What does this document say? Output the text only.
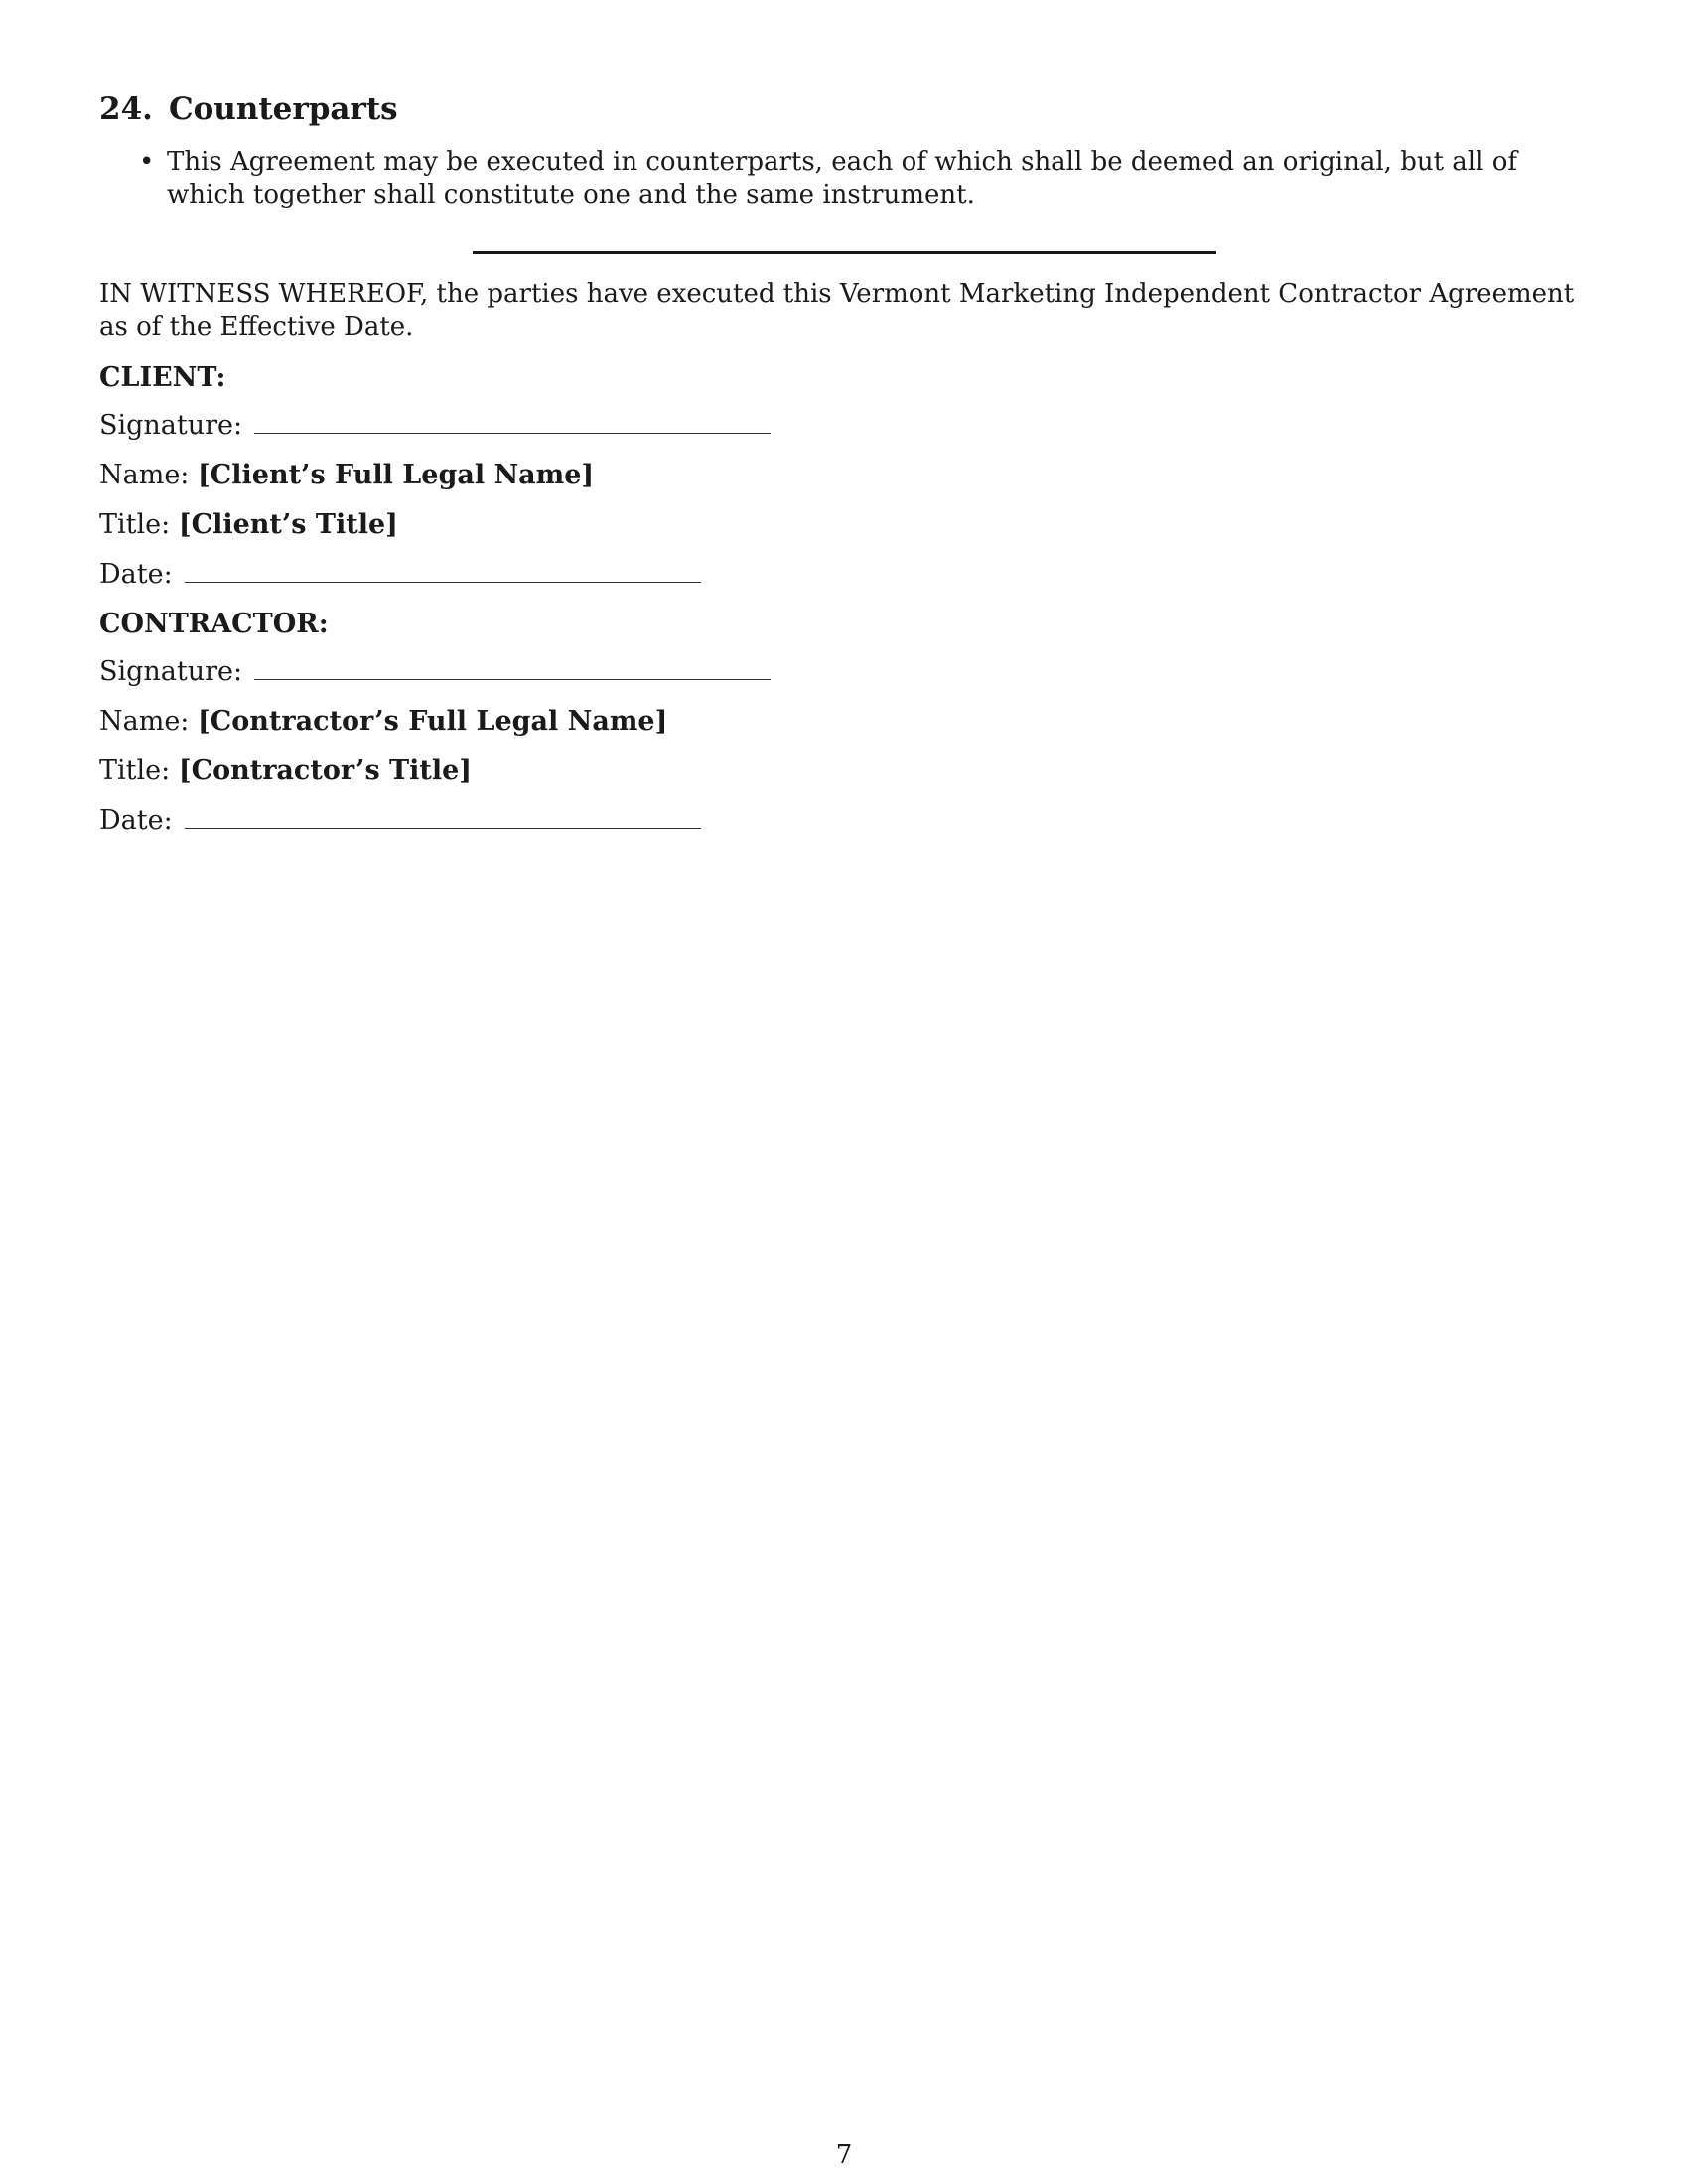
24. Counterparts
• This Agreement may be executed in counterparts, each of which shall be deemed an original, but all of which together shall constitute one and the same instrument.

IN WITNESS WHEREOF, the parties have executed this Vermont Marketing Independent Contractor Agreement as of the Effective Date.

CLIENT:
Signature:
Name: [Client’s Full Legal Name]
Title: [Client’s Title]
Date:
CONTRACTOR:
Signature:
Name: [Contractor’s Full Legal Name]
Title: [Contractor’s Title]
Date:
7
